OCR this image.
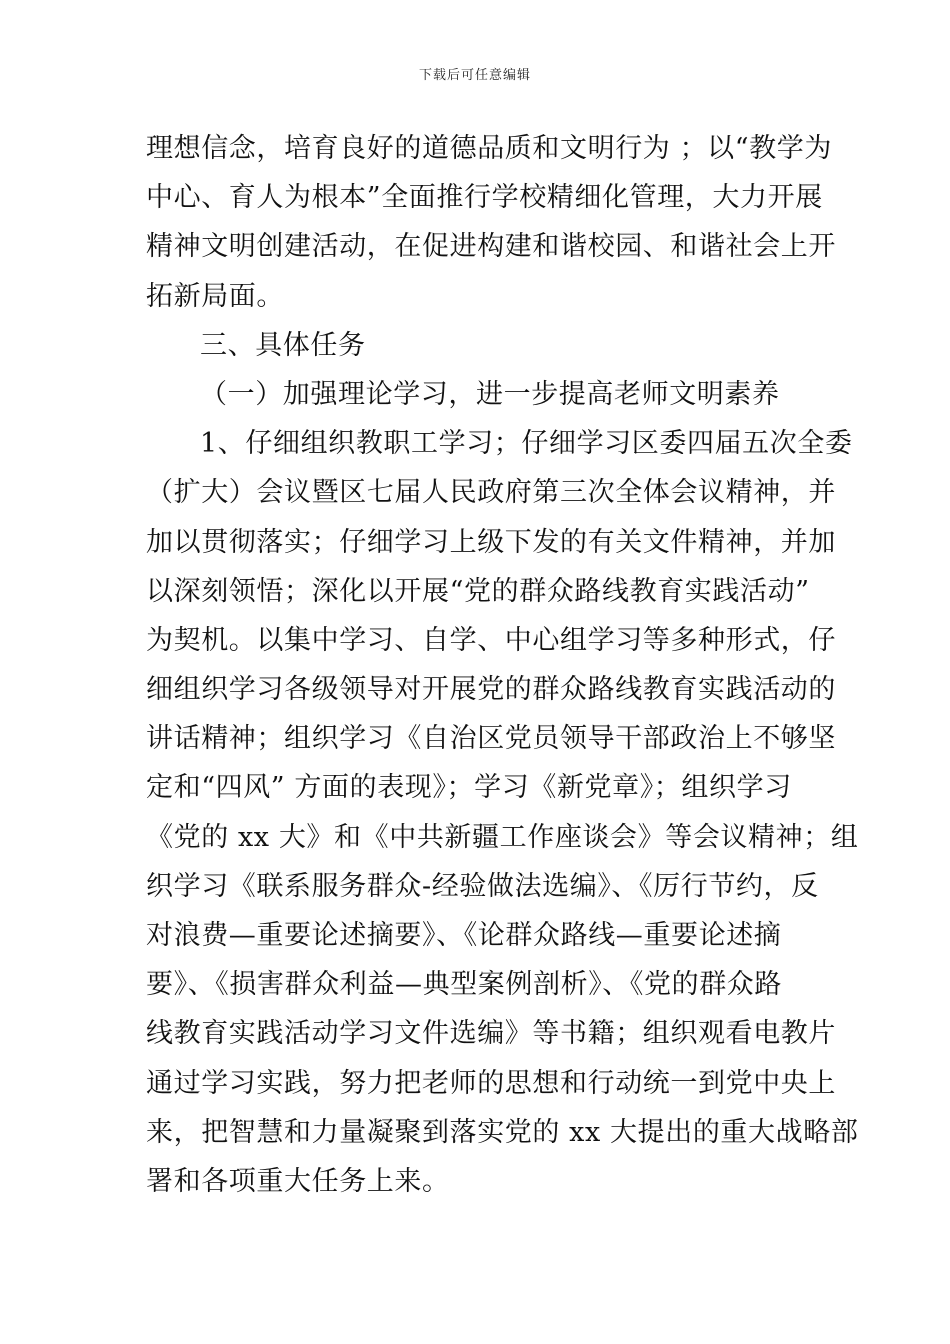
下载后可任意编辑
理想信念，培育良好的道德品质和文明行为 ；以“教学为
中心、育人为根本”全面推行学校精细化管理，大力开展
精神文明创建活动，在促进构建和谐校园、和谐社会上开
拓新局面。
三、具体任务
（一）加强理论学习，进一步提高老师文明素养
1、仔细组织教职工学习；仔细学习区委四届五次全委
（扩大）会议暨区七届人民政府第三次全体会议精神，并
加以贯彻落实；仔细学习上级下发的有关文件精神，并加
以深刻领悟；深化以开展“党的群众路线教育实践活动”
为契机。以集中学习、自学、中心组学习等多种形式，仔
细组织学习各级领导对开展党的群众路线教育实践活动的
讲话精神；组织学习《自治区党员领导干部政治上不够坚
定和“四风” 方面的表现》；学习《新党章》；组织学习
《党的 xx 大》和《中共新疆工作座谈会》等会议精神；组
织学习《联系服务群众-经验做法选编》、《厉行节约，反
对浪费—重要论述摘要》、《论群众路线—重要论述摘
要》、《损害群众利益—典型案例剖析》、《党的群众路
线教育实践活动学习文件选编》等书籍；组织观看电教片
通过学习实践，努力把老师的思想和行动统一到党中央上
来，把智慧和力量凝聚到落实党的 xx 大提出的重大战略部
署和各项重大任务上来。
